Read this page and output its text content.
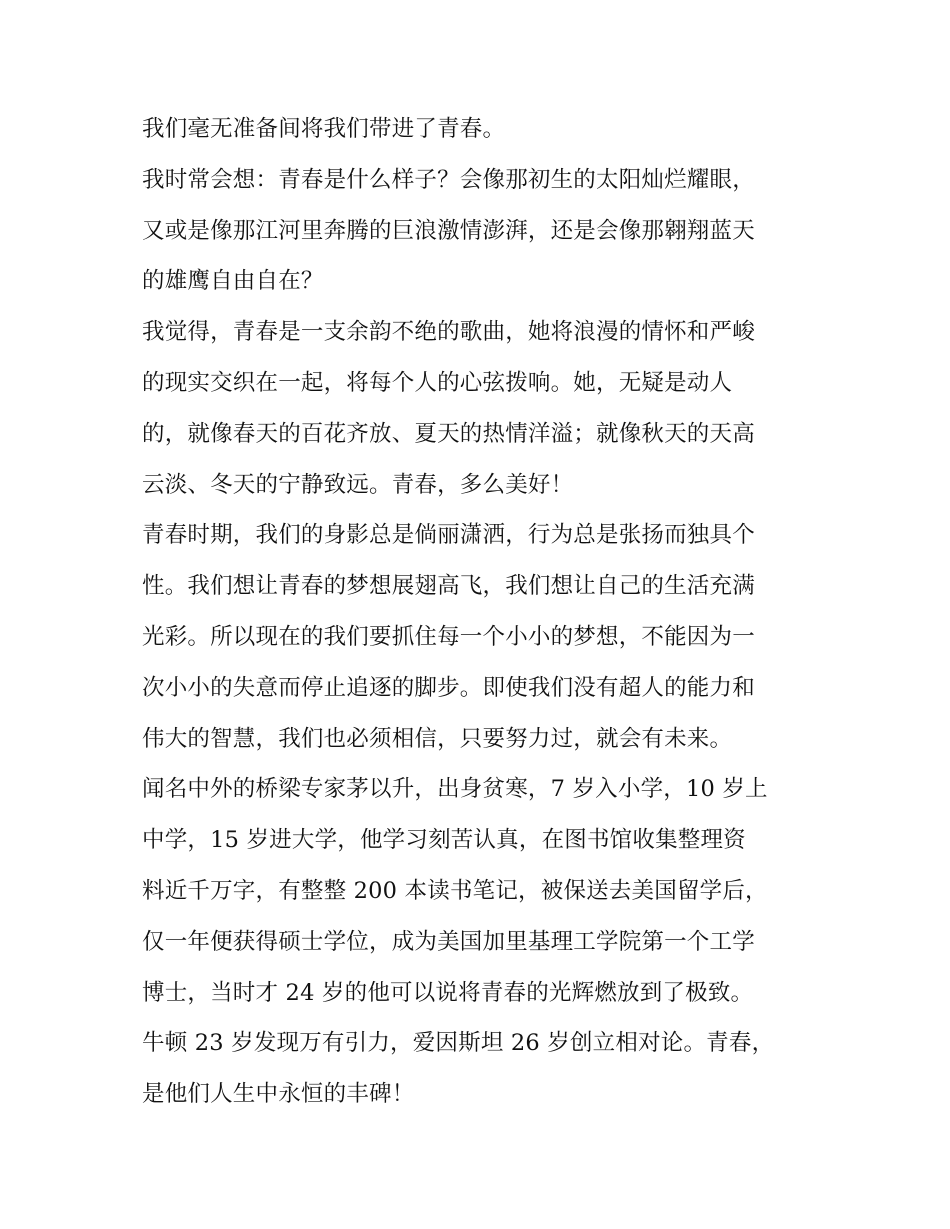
我们毫无准备间将我们带进了青春。
我时常会想：青春是什么样子？会像那初生的太阳灿烂耀眼，
又或是像那江河里奔腾的巨浪激情澎湃，还是会像那翱翔蓝天
的雄鹰自由自在？
我觉得，青春是一支余韵不绝的歌曲，她将浪漫的情怀和严峻
的现实交织在一起，将每个人的心弦拨响。她，无疑是动人
的，就像春天的百花齐放、夏天的热情洋溢；就像秋天的天高
云淡、冬天的宁静致远。青春，多么美好！
青春时期，我们的身影总是倘丽潇洒，行为总是张扬而独具个
性。我们想让青春的梦想展翅高飞，我们想让自己的生活充满
光彩。所以现在的我们要抓住每一个小小的梦想，不能因为一
次小小的失意而停止追逐的脚步。即使我们没有超人的能力和
伟大的智慧，我们也必须相信，只要努力过，就会有未来。
闻名中外的桥梁专家茅以升，出身贫寒，7 岁入小学，10 岁上
中学，15 岁进大学，他学习刻苦认真，在图书馆收集整理资
料近千万字，有整整 200 本读书笔记，被保送去美国留学后，
仅一年便获得硕士学位，成为美国加里基理工学院第一个工学
博士，当时才 24 岁的他可以说将青春的光辉燃放到了极致。
牛顿 23 岁发现万有引力，爱因斯坦 26 岁创立相对论。青春，
是他们人生中永恒的丰碑！
